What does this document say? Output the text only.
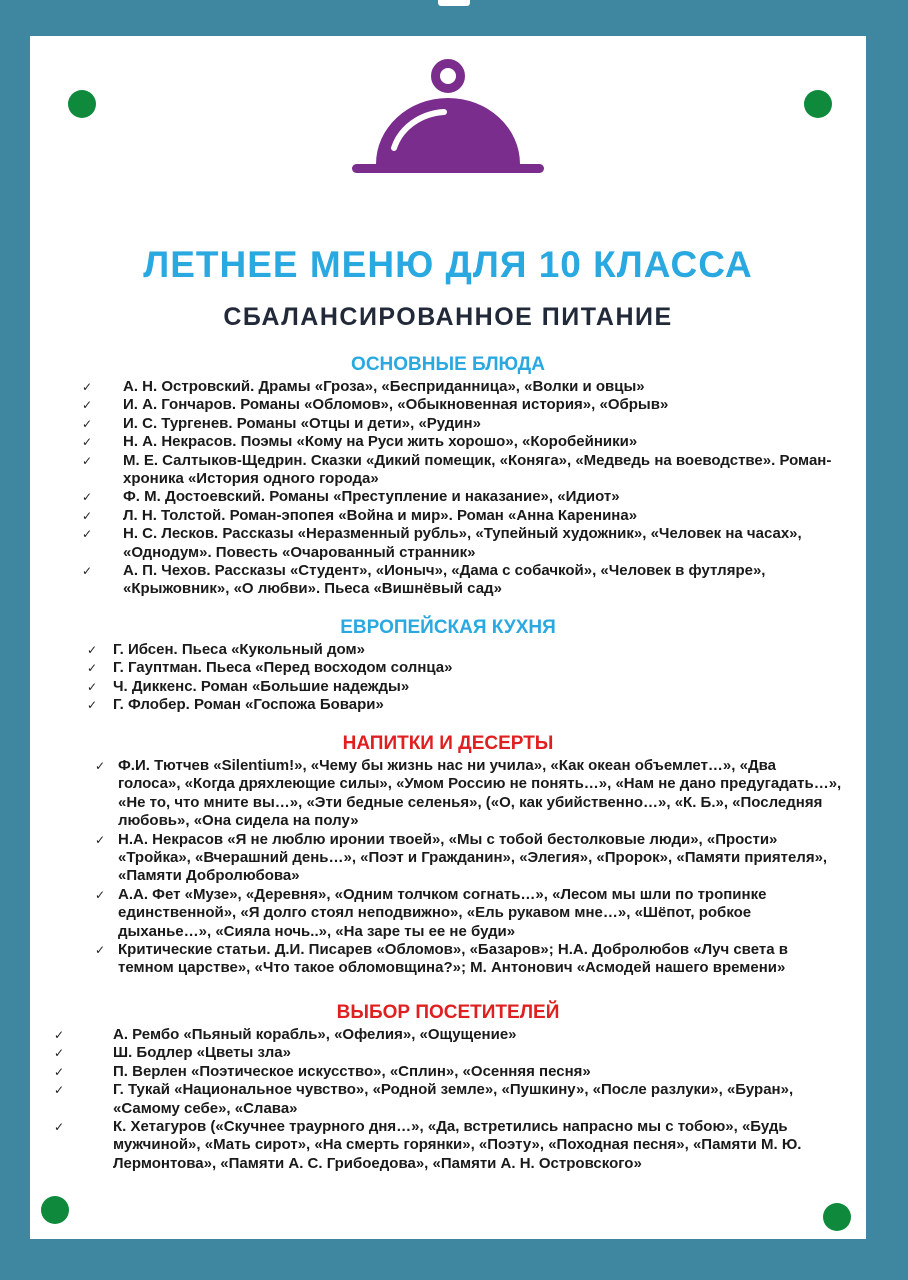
ЛЕТНЕЕ МЕНЮ ДЛЯ 10 КЛАССА
СБАЛАНСИРОВАННОЕ ПИТАНИЕ
ОСНОВНЫЕ БЛЮДА
✓ А. Н. Островский. Драмы «Гроза», «Бесприданница», «Волки и овцы»
✓ И. А. Гончаров. Романы «Обломов», «Обыкновенная история», «Обрыв»
✓ И. С. Тургенев. Романы «Отцы и дети», «Рудин»
✓ Н. А. Некрасов. Поэмы «Кому на Руси жить хорошо», «Коробейники»
✓ М. Е. Салтыков-Щедрин. Сказки «Дикий помещик, «Коняга», «Медведь на воеводстве». Роман-хроника «История одного города»
✓ Ф. М. Достоевский. Романы «Преступление и наказание», «Идиот»
✓ Л. Н. Толстой. Роман-эпопея «Война и мир». Роман «Анна Каренина»
✓ Н. С. Лесков. Рассказы «Неразменный рубль», «Тупейный художник», «Человек на часах», «Однодум». Повесть «Очарованный странник»
✓ А. П. Чехов. Рассказы «Студент», «Ионыч», «Дама с собачкой», «Человек в футляре», «Крыжовник», «О любви». Пьеса «Вишнёвый сад»
ЕВРОПЕЙСКАЯ КУХНЯ
✓ Г. Ибсен. Пьеса «Кукольный дом»
✓ Г. Гауптман. Пьеса «Перед восходом солнца»
✓ Ч. Диккенс. Роман «Большие надежды»
✓ Г. Флобер. Роман «Госпожа Бовари»
НАПИТКИ И ДЕСЕРТЫ
✓ Ф.И. Тютчев «Silentium!», «Чему бы жизнь нас ни учила», «Как океан объемлет…», «Два голоса», «Когда дряхлеющие силы», «Умом Россию не понять…», «Нам не дано предугадать…», «Не то, что мните вы…», «Эти бедные селенья», («О, как убийственно…», «К. Б.», «Последняя любовь», «Она сидела на полу»
✓ Н.А. Некрасов «Я не люблю иронии твоей», «Мы с тобой бестолковые люди», «Прости» «Тройка», «Вчерашний день…», «Поэт и Гражданин», «Элегия», «Пророк», «Памяти приятеля», «Памяти Добролюбова»
✓ А.А. Фет «Музе», «Деревня», «Одним толчком согнать…», «Лесом мы шли по тропинке единственной», «Я долго стоял неподвижно», «Ель рукавом мне…», «Шёпот, робкое дыханье…», «Сияла ночь..», «На заре ты ее не буди»
✓ Критические статьи. Д.И. Писарев «Обломов», «Базаров»; Н.А. Добролюбов «Луч света в темном царстве», «Что такое обломовщина?»; М. Антонович «Асмодей нашего времени»
ВЫБОР ПОСЕТИТЕЛЕЙ
✓	А. Рембо «Пьяный корабль», «Офелия», «Ощущение»
✓	Ш. Бодлер «Цветы зла»
✓	П. Верлен «Поэтическое искусство», «Сплин», «Осенняя песня»
✓	Г. Тукай «Национальное чувство», «Родной земле», «Пушкину», «После разлуки», «Буран», «Самому себе», «Слава»
✓	К. Хетагуров («Скучнее траурного дня…», «Да, встретились напрасно мы с тобою», «Будь мужчиной», «Мать сирот», «На смерть горянки», «Поэту», «Походная песня», «Памяти М. Ю. Лермонтова», «Памяти А. С. Грибоедова», «Памяти А. Н. Островского»
